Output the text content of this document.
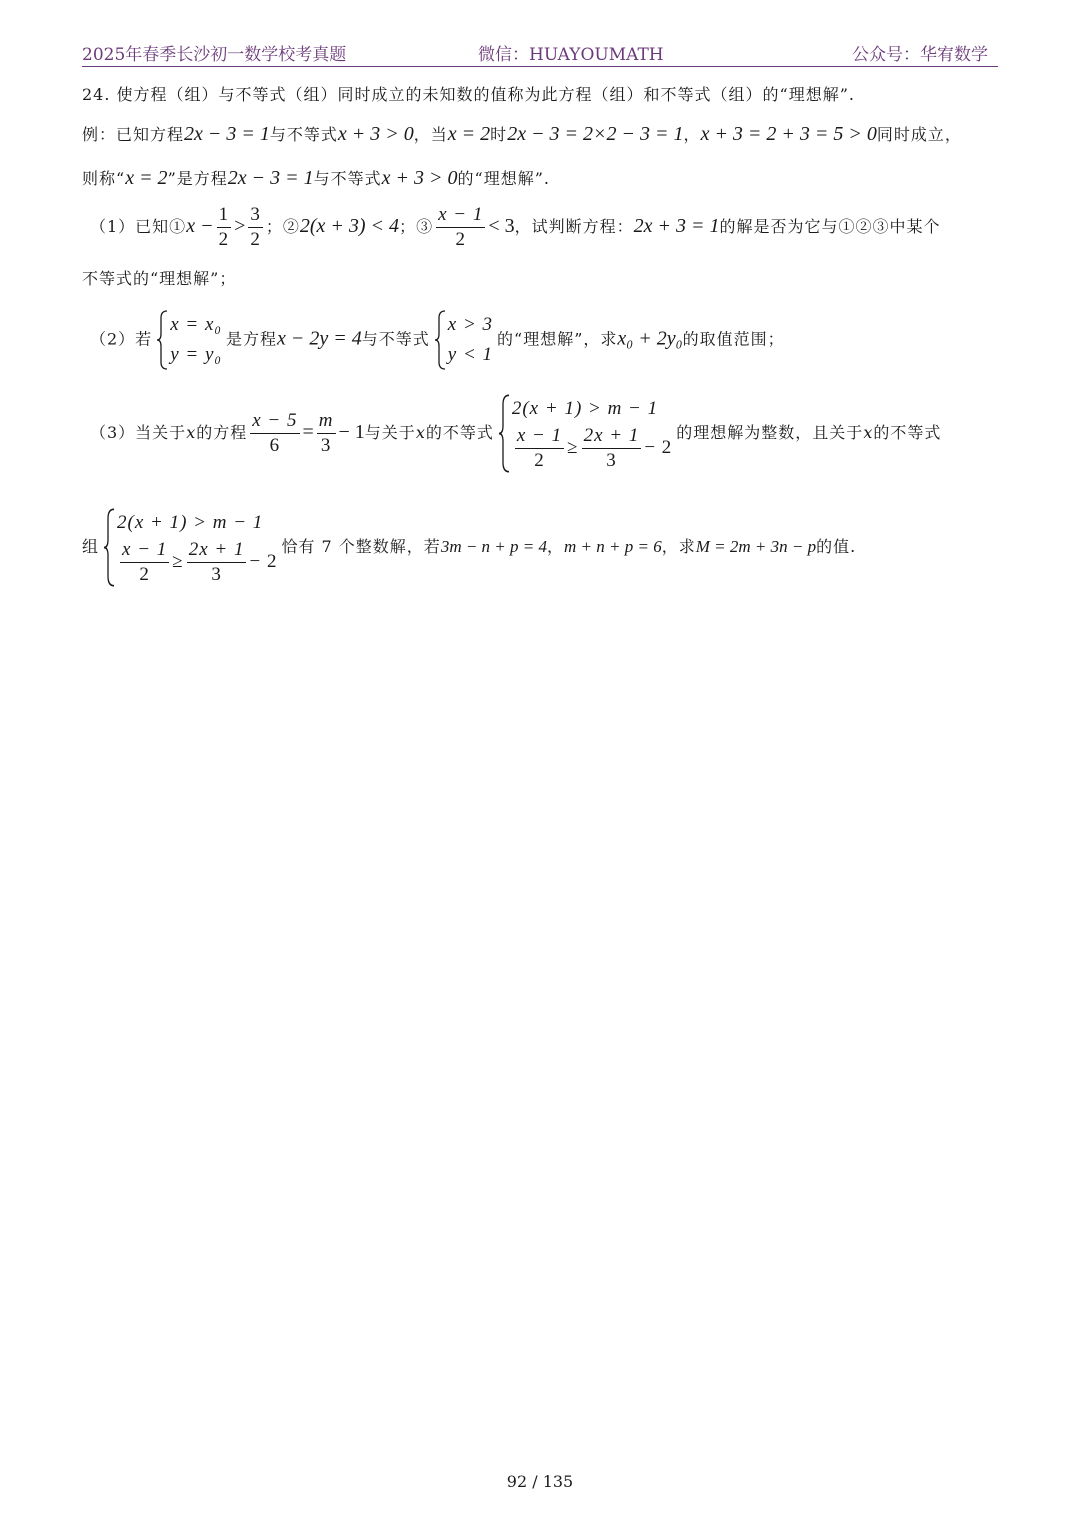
2025年春季长沙初一数学校考真题	微信：HUAYOUMATH	公众号：华宥数学
24. 使方程（组）与不等式（组）同时成立的未知数的值称为此方程（组）和不等式（组）的“理想解”.
例：已知方程2x − 3 = 1与不等式x + 3 > 0，当x = 2时2x − 3 = 2×2 − 3 = 1，x + 3 = 2 + 3 = 5 > 0同时成立，
则称“x = 2”是方程2x − 3 = 1与不等式x + 3 > 0的“理想解”.
（1）已知①x − $\frac{1}{2} > \frac{3}{2}$ ；②2(x + 3) < 4；③ $\frac{x - 1}{2} < 3$，试判断方程：2x + 3 = 1的解是否为它与①②③中某个
不等式的“理想解”；
（2）若
x = x₀
y = y₀
是方程x − 2y = 4与不等式
x > 3
y < 1
的“理想解”，求x₀ + 2y₀的取值范围；
（3）当关于x的方程 $\frac{x - 5}{6} = \frac{m}{3} - 1$与关于x的不等式
2(x + 1) > m − 1
$\frac{x - 1}{2} \ge \frac{2x + 1}{3} - 2$
的理想解为整数，且关于x的不等式
组
2(x + 1) > m − 1
$\frac{x - 1}{2} \ge \frac{2x + 1}{3} - 2$
恰有 7 个整数解，若3m − n + p = 4，m + n + p = 6，求M = 2m + 3n − p的值.
92 / 135
